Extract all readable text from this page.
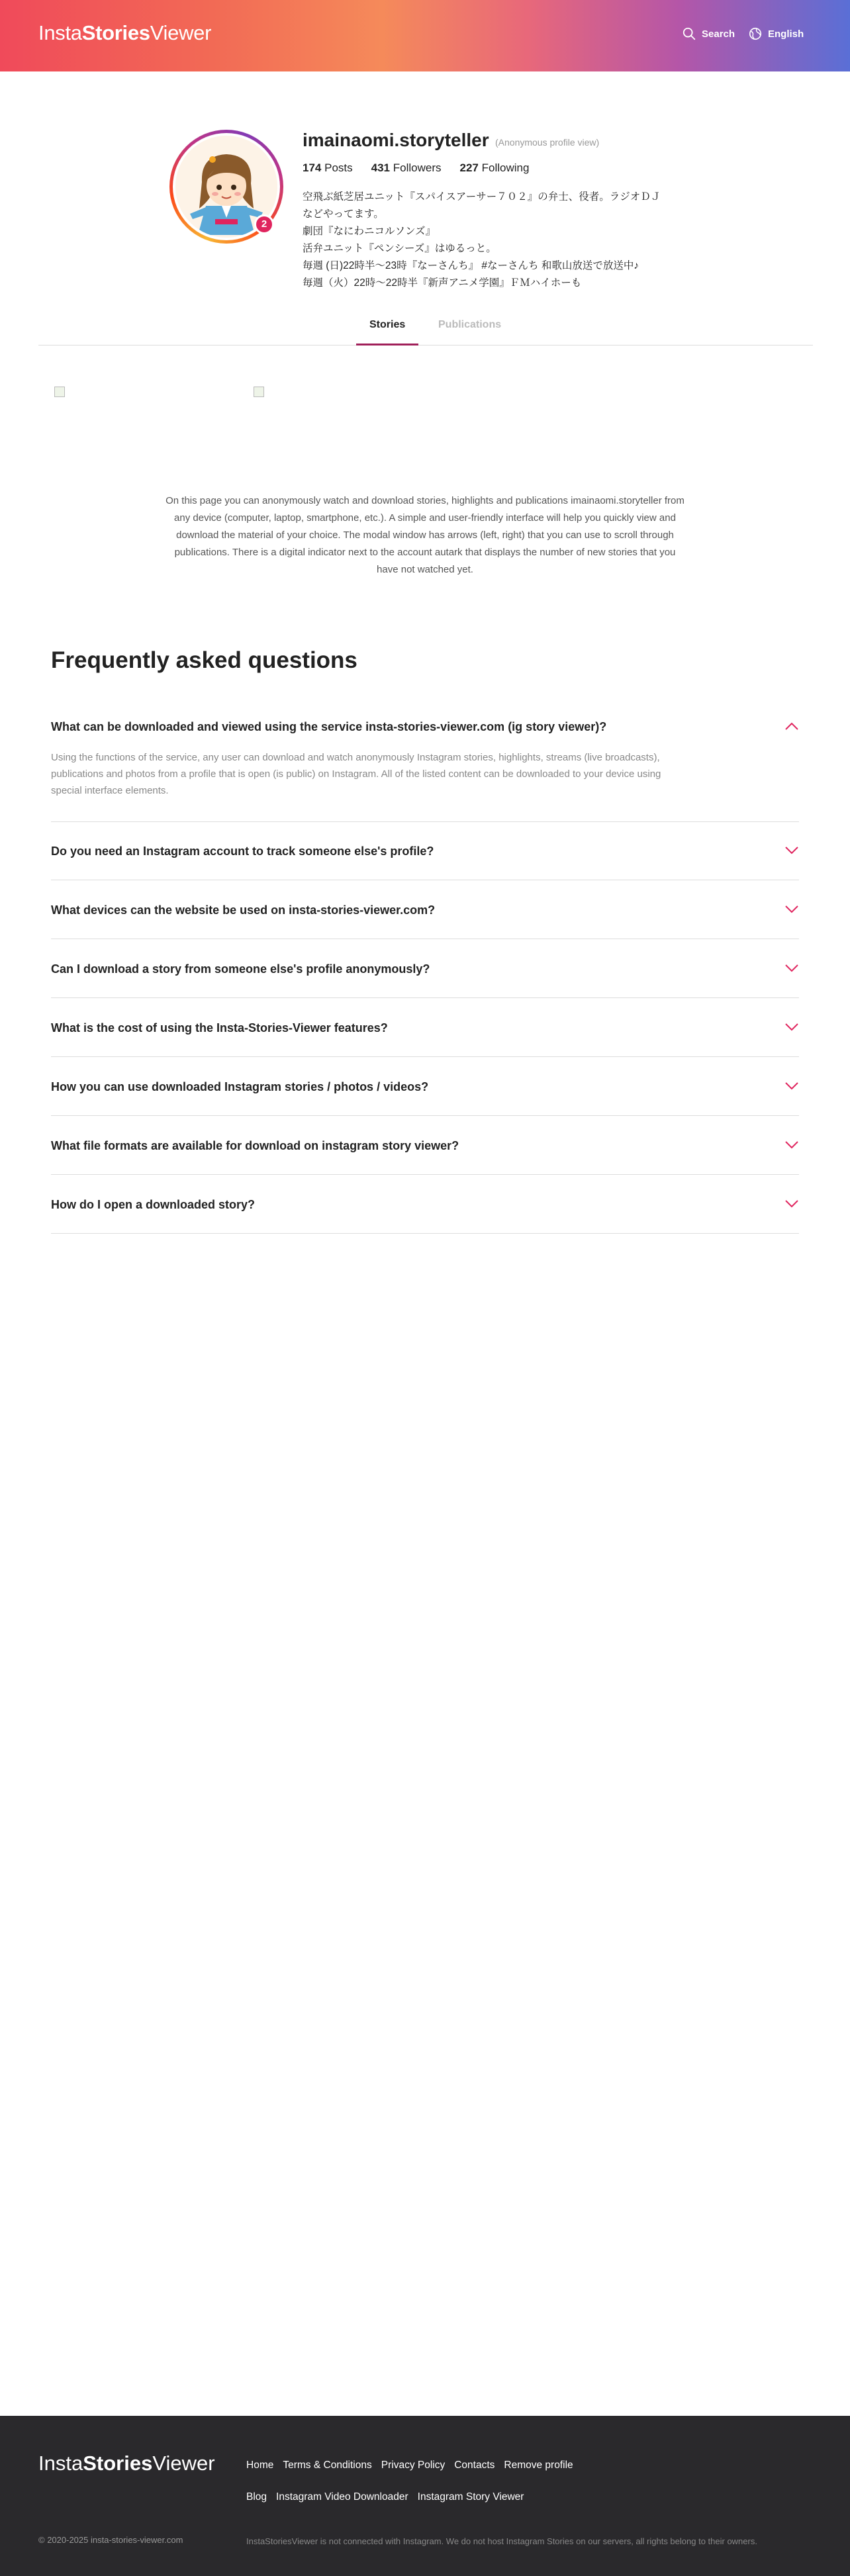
InstaStoriesViewer	Search	English
2
imainaomi.storyteller (Anonymous profile view)
174 Posts 431 Followers 227 Following
空飛ぶ紙芝居ユニット『スパイスアーサー７０２』の弁士、役者。ラジオＤＪ
などやってます。
劇団『なにわニコルソンズ』
活弁ユニット『ペンシーズ』はゆるっと。
毎週 (日)22時半〜23時『なーさんち』 #なーさんち 和歌山放送で放送中♪
毎週（火）22時〜22時半『新声アニメ学園』ＦＭハイホーも
Stories	Publications
On this page you can anonymously watch and download stories, highlights and publications imainaomi.storyteller from any device (computer, laptop, smartphone, etc.). A simple and user-friendly interface will help you quickly view and download the material of your choice. The modal window has arrows (left, right) that you can use to scroll through publications. There is a digital indicator next to the account autark that displays the number of new stories that you have not watched yet.
Frequently asked questions
What can be downloaded and viewed using the service insta-stories-viewer.com (ig story viewer)?
Using the functions of the service, any user can download and watch anonymously Instagram stories, highlights, streams (live broadcasts), publications and photos from a profile that is open (is public) on Instagram. All of the listed content can be downloaded to your device using special interface elements.
Do you need an Instagram account to track someone else's profile?
What devices can the website be used on insta-stories-viewer.com?
Can I download a story from someone else's profile anonymously?
What is the cost of using the Insta-Stories-Viewer features?
How you can use downloaded Instagram stories / photos / videos?
What file formats are available for download on instagram story viewer?
How do I open a downloaded story?
InstaStoriesViewer	Home Terms & Conditions Privacy Policy Contacts Remove profile
Blog Instagram Video Downloader Instagram Story Viewer
© 2020-2025 insta-stories-viewer.com	InstaStoriesViewer is not connected with Instagram. We do not host Instagram Stories on our servers, all rights belong to their owners.
